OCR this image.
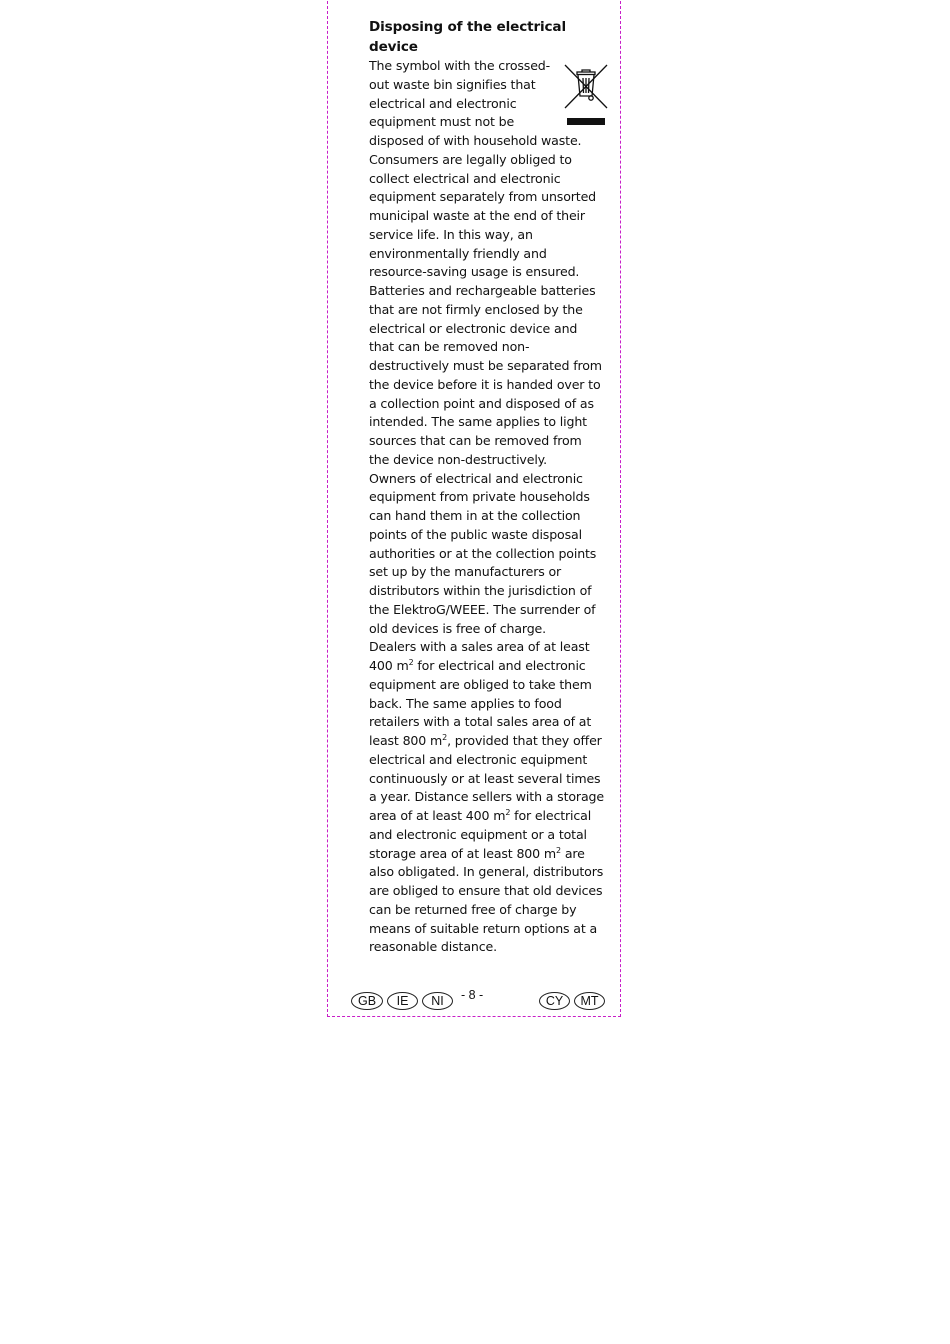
Disposing of the electrical device

The symbol with the crossed-out waste bin signifies that electrical and electronic equipment must not be disposed of with household waste. Consumers are legally obliged to collect electrical and electronic equipment separately from unsorted municipal waste at the end of their service life. In this way, an environmentally friendly and resource-saving usage is ensured.

Batteries and rechargeable batteries that are not firmly enclosed by the electrical or electronic device and that can be removed non-destructively must be separated from the device before it is handed over to a collection point and disposed of as intended. The same applies to light sources that can be removed from the device non-destructively.

Owners of electrical and electronic equipment from private households can hand them in at the collection points of the public waste disposal authorities or at the collection points set up by the manufacturers or distributors within the jurisdiction of the ElektroG/WEEE. The surrender of old devices is free of charge.

Dealers with a sales area of at least 400 $m^2$ for electrical and electronic equipment are obliged to take them back. The same applies to food retailers with a total sales area of at least 800 $m^2$, provided that they offer electrical and electronic equipment continuously or at least several times a year. Distance sellers with a storage area of at least 400 $m^2$ for electrical and electronic equipment or a total storage area of at least 800 $m^2$ are also obligated. In general, distributors are obliged to ensure that old devices can be returned free of charge by means of suitable return options at a reasonable distance.

GB	IE	NI	- 8 -	CY	MT
